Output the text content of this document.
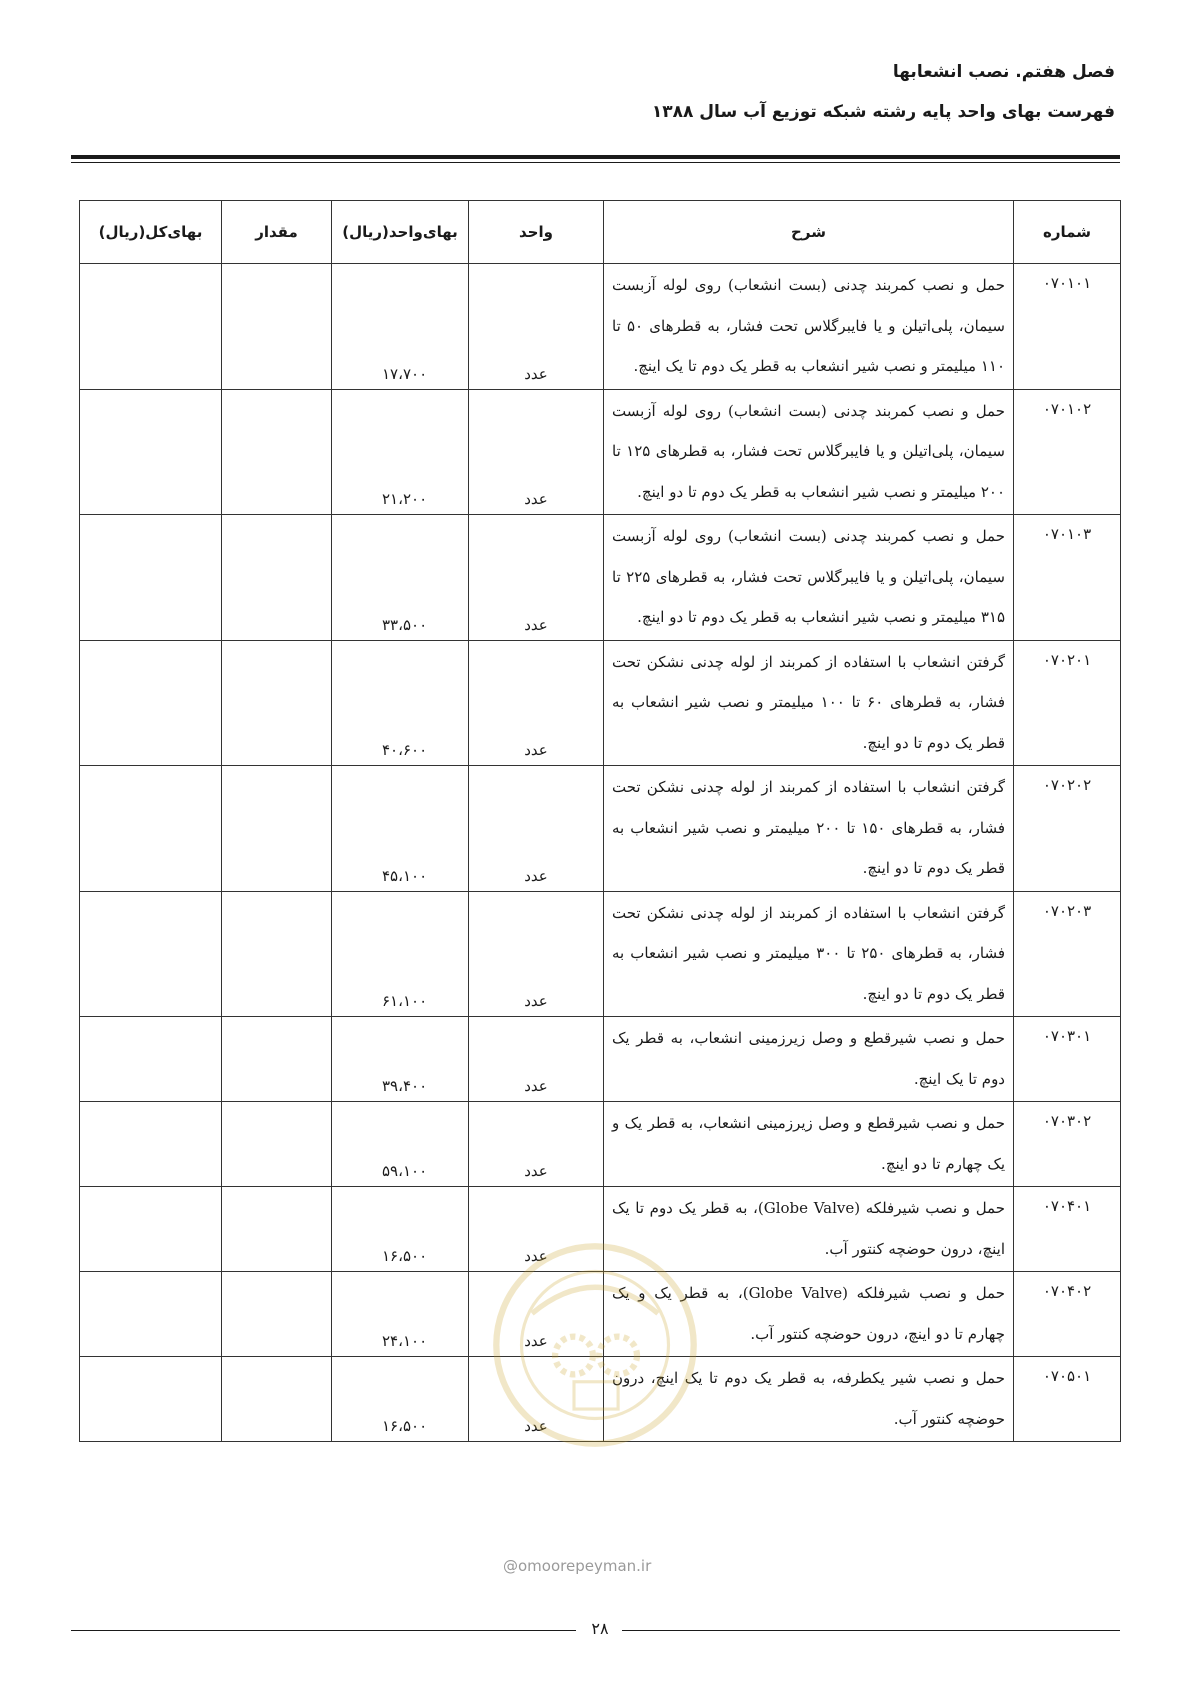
فصل هفتم. نصب انشعابها
فهرست بهای واحد پایه رشته شبکه توزیع آب سال ۱۳۸۸
شماره	شرح	واحد	بهای‌واحد(ریال)	مقدار	بهای‌کل(ریال)
۰۷۰۱۰۱	حمل و نصب کمربند چدنی (بست انشعاب) روی لوله آزبست سیمان، پلی‌اتیلن و یا فایبرگلاس تحت فشار، به قطرهای ۵۰ تا ۱۱۰ میلیمتر و نصب شیر انشعاب به قطر یک دوم تا یک اینچ.	عدد	۱۷،۷۰۰		
۰۷۰۱۰۲	حمل و نصب کمربند چدنی (بست انشعاب) روی لوله آزبست سیمان، پلی‌اتیلن و یا فایبرگلاس تحت فشار، به قطرهای ۱۲۵ تا ۲۰۰ میلیمتر و نصب شیر انشعاب به قطر یک دوم تا دو اینچ.	عدد	۲۱،۲۰۰		
۰۷۰۱۰۳	حمل و نصب کمربند چدنی (بست انشعاب) روی لوله آزبست سیمان، پلی‌اتیلن و یا فایبرگلاس تحت فشار، به قطرهای ۲۲۵ تا ۳۱۵ میلیمتر و نصب شیر انشعاب به قطر یک دوم تا دو اینچ.	عدد	۳۳،۵۰۰		
۰۷۰۲۰۱	گرفتن انشعاب با استفاده از کمربند از لوله چدنی نشکن تحت فشار، به قطرهای ۶۰ تا ۱۰۰ میلیمتر و نصب شیر انشعاب به قطر یک دوم تا دو اینچ.	عدد	۴۰،۶۰۰		
۰۷۰۲۰۲	گرفتن انشعاب با استفاده از کمربند از لوله چدنی نشکن تحت فشار، به قطرهای ۱۵۰ تا ۲۰۰ میلیمتر و نصب شیر انشعاب به قطر یک دوم تا دو اینچ.	عدد	۴۵،۱۰۰		
۰۷۰۲۰۳	گرفتن انشعاب با استفاده از کمربند از لوله چدنی نشکن تحت فشار، به قطرهای ۲۵۰ تا ۳۰۰ میلیمتر و نصب شیر انشعاب به قطر یک دوم تا دو اینچ.	عدد	۶۱،۱۰۰		
۰۷۰۳۰۱	حمل و نصب شیرقطع و وصل زیرزمینی انشعاب، به قطر یک دوم تا یک اینچ.	عدد	۳۹،۴۰۰		
۰۷۰۳۰۲	حمل و نصب شیرقطع و وصل زیرزمینی انشعاب، به قطر یک و یک چهارم تا دو اینچ.	عدد	۵۹،۱۰۰		
۰۷۰۴۰۱	حمل و نصب شیرفلکه (Globe Valve)، به قطر یک دوم تا یک اینچ، درون حوضچه کنتور آب.	عدد	۱۶،۵۰۰		
۰۷۰۴۰۲	حمل و نصب شیرفلکه (Globe Valve)، به قطر یک و یک چهارم تا دو اینچ، درون حوضچه کنتور آب.	عدد	۲۴،۱۰۰		
۰۷۰۵۰۱	حمل و نصب شیر یکطرفه، به قطر یک دوم تا یک اینچ، درون حوضچه کنتور آب.	عدد	۱۶،۵۰۰		
@omoorepeyman.ir
۲۸
